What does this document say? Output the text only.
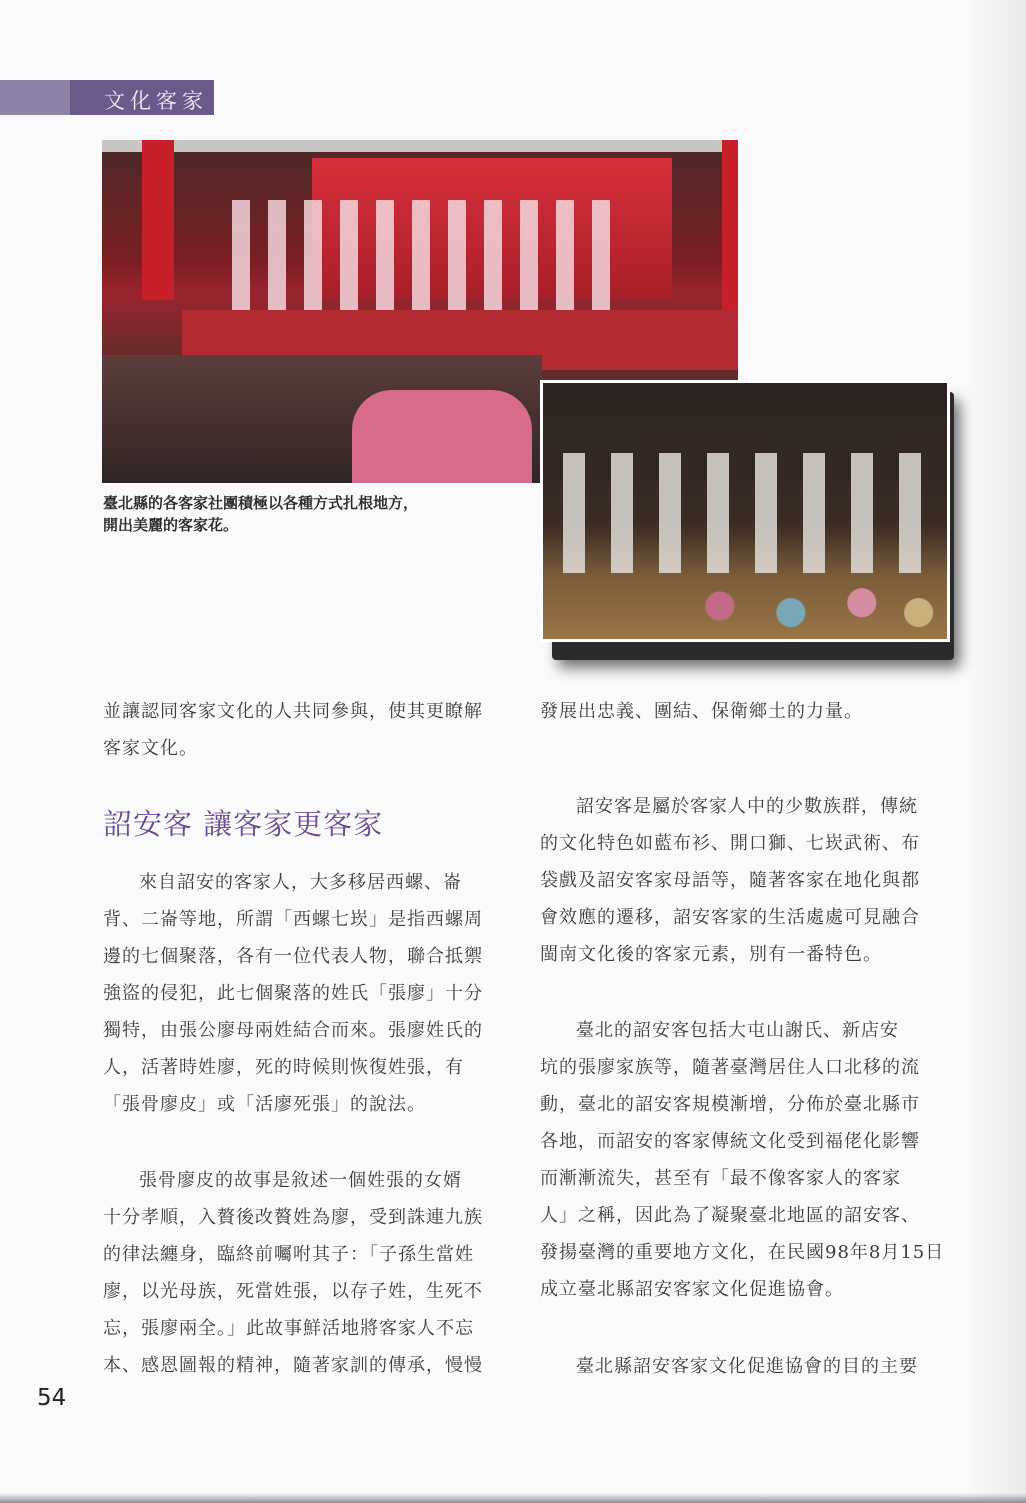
文化客家
臺北縣的各客家社團積極以各種方式扎根地方，
開出美麗的客家花。
並讓認同客家文化的人共同參與，使其更瞭解
客家文化。
發展出忠義、團結、保衛鄉土的力量。
詔安客 讓客家更客家
來自詔安的客家人，大多移居西螺、崙
背、二崙等地，所謂「西螺七崁」是指西螺周
邊的七個聚落，各有一位代表人物，聯合抵禦
強盜的侵犯，此七個聚落的姓氏「張廖」十分
獨特，由張公廖母兩姓結合而來。張廖姓氏的
人，活著時姓廖，死的時候則恢復姓張，有
「張骨廖皮」或「活廖死張」的說法。
張骨廖皮的故事是敘述一個姓張的女婿
十分孝順，入贅後改贅姓為廖，受到誅連九族
的律法纏身，臨終前囑咐其子：「子孫生當姓
廖，以光母族，死當姓張，以存子姓，生死不
忘，張廖兩全。」此故事鮮活地將客家人不忘
本、感恩圖報的精神，隨著家訓的傳承，慢慢
詔安客是屬於客家人中的少數族群，傳統
的文化特色如藍布衫、開口獅、七崁武術、布
袋戲及詔安客家母語等，隨著客家在地化與都
會效應的遷移，詔安客家的生活處處可見融合
閩南文化後的客家元素，別有一番特色。
臺北的詔安客包括大屯山謝氏、新店安
坑的張廖家族等，隨著臺灣居住人口北移的流
動，臺北的詔安客規模漸增，分佈於臺北縣市
各地，而詔安的客家傳統文化受到福佬化影響
而漸漸流失，甚至有「最不像客家人的客家
人」之稱，因此為了凝聚臺北地區的詔安客、
發揚臺灣的重要地方文化，在民國98年8月15日
成立臺北縣詔安客家文化促進協會。
臺北縣詔安客家文化促進協會的目的主要
54
